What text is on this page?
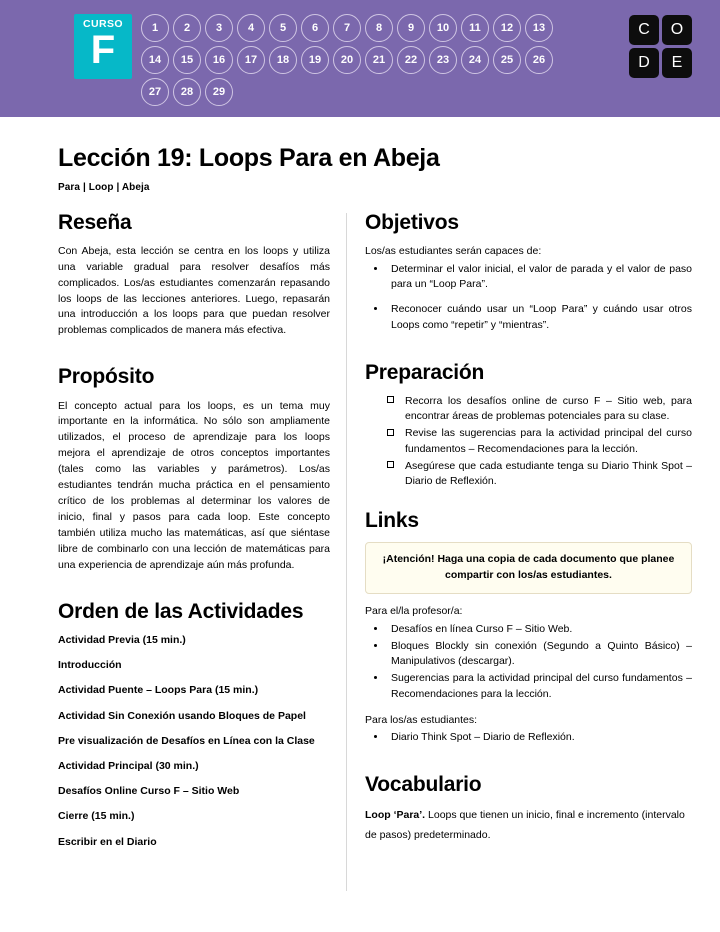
CURSO
F	1	2	3	4	5	6	7	8	9	10	11	12	13
14	15	16	17	18	19	20	21	22	23	24	25	26
27	28	29
C	O
D	E
Lección 19: Loops Para en Abeja
Para | Loop | Abeja
Reseña

Con Abeja, esta lección se centra en los loops y utiliza una variable gradual para resolver desafíos más complicados. Los/as estudiantes comenzarán repasando los loops de las lecciones anteriores. Luego, repasarán una introducción a los loops para que puedan resolver problemas complicados de manera más efectiva.

Propósito

El concepto actual para los loops, es un tema muy importante en la informática. No sólo son ampliamente utilizados, el proceso de aprendizaje para los loops mejora el aprendizaje de otros conceptos importantes (tales como las variables y parámetros). Los/as estudiantes tendrán mucha práctica en el pensamiento crítico de los problemas al determinar los valores de inicio, final y pasos para cada loop. Este concepto también utiliza mucho las matemáticas, así que siéntase libre de combinarlo con una lección de matemáticas para una experiencia de aprendizaje aún más profunda.

Orden de las Actividades
Actividad Previa (15 min.)
Introducción
Actividad Puente – Loops Para (15 min.)
Actividad Sin Conexión usando Bloques de Papel
Pre visualización de Desafíos en Línea con la Clase
Actividad Principal (30 min.)
Desafíos Online Curso F – Sitio Web
Cierre (15 min.)
Escribir en el Diario
Objetivos

Los/as estudiantes serán capaces de:

• Determinar el valor inicial, el valor de parada y el valor de paso para un “Loop Para”.
• Reconocer cuándo usar un “Loop Para” y cuándo usar otros Loops como “repetir” y “mientras”.
Preparación
Recorra los desafíos online de curso F – Sitio web, para encontrar áreas de problemas potenciales para su clase.
Revise las sugerencias para la actividad principal del curso fundamentos – Recomendaciones para la lección.
Asegúrese que cada estudiante tenga su Diario Think Spot – Diario de Reflexión.
Links
¡Atención! Haga una copia de cada documento que planee compartir con los/as estudiantes.

Para el/la profesor/a:

• Desafíos en línea Curso F – Sitio Web.
• Bloques Blockly sin conexión (Segundo a Quinto Básico) – Manipulativos (descargar).
• Sugerencias para la actividad principal del curso fundamentos – Recomendaciones para la lección.

Para los/as estudiantes:

• Diario Think Spot – Diario de Reflexión.
Vocabulario

Loop ‘Para’. Loops que tienen un inicio, final e incremento (intervalo de pasos) predeterminado.
